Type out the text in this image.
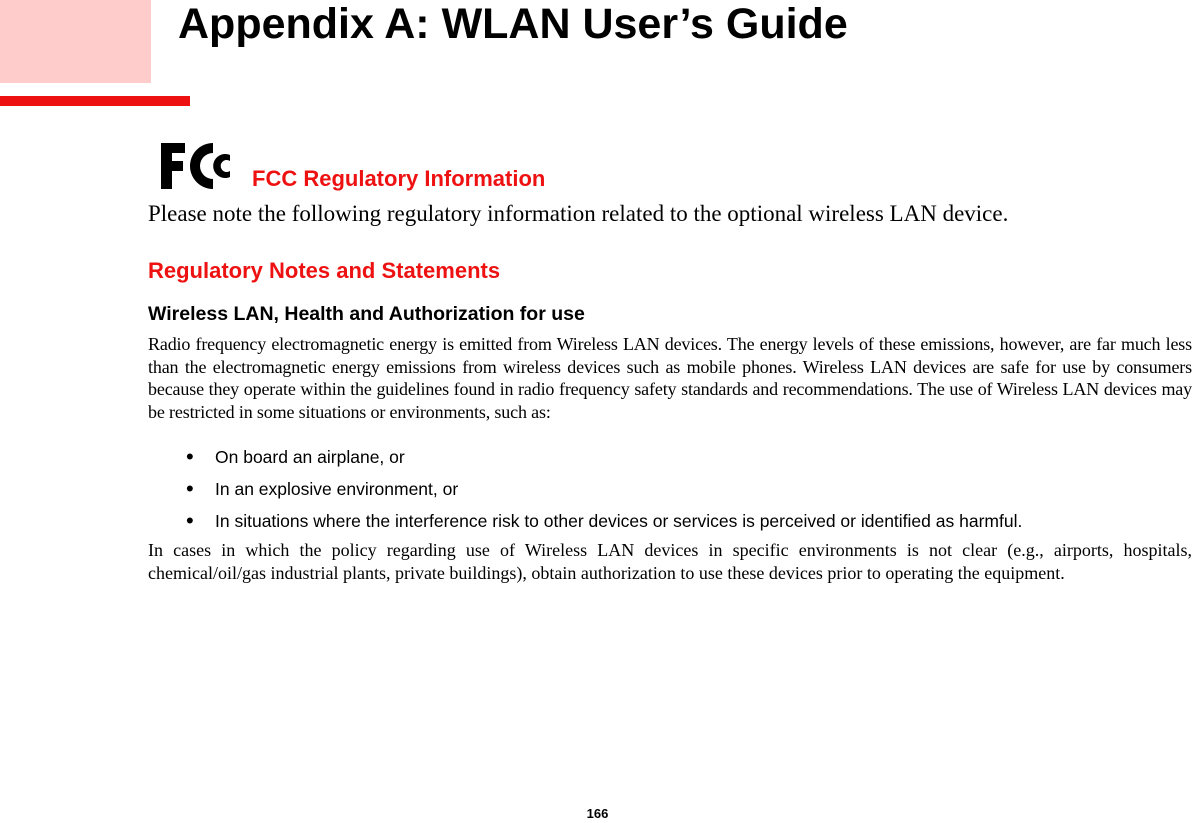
Appendix A: WLAN User’s Guide
FCC Regulatory Information

Please note the following regulatory information related to the optional wireless LAN device.

Regulatory Notes and Statements
Wireless LAN, Health and Authorization for use

Radio frequency electromagnetic energy is emitted from Wireless LAN devices. The energy levels of these emissions, however, are far much less than the electromagnetic energy emissions from wireless devices such as mobile phones. Wireless LAN devices are safe for use by consumers because they operate within the guidelines found in radio frequency safety standards and recommendations. The use of Wireless LAN devices may be restricted in some situations or environments, such as:

• On board an airplane, or
• In an explosive environment, or
• In situations where the interference risk to other devices or services is perceived or identified as harmful.

In cases in which the policy regarding use of Wireless LAN devices in specific environments is not clear (e.g., airports, hospitals, chemical/oil/gas industrial plants, private buildings), obtain authorization to use these devices prior to operating the equipment.

166
